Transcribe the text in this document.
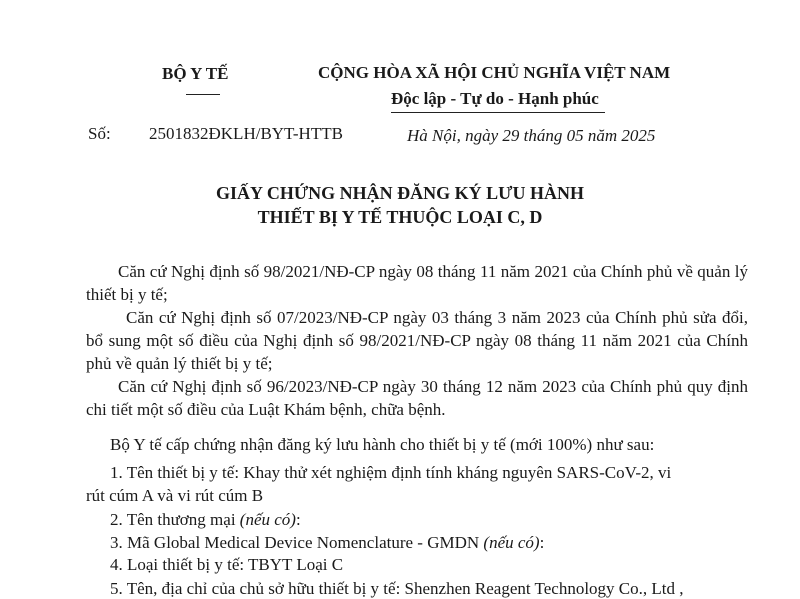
BỘ Y TẾ	CỘNG HÒA XÃ HỘI CHỦ NGHĨA VIỆT NAM
Độc lập - Tự do - Hạnh phúc
Số: 2501832ĐKLH/BYT-HTTB	Hà Nội, ngày 29 tháng 05 năm 2025
GIẤY CHỨNG NHẬN ĐĂNG KÝ LƯU HÀNH
THIẾT BỊ Y TẾ THUỘC LOẠI C, D

Căn cứ Nghị định số 98/2021/NĐ-CP ngày 08 tháng 11 năm 2021 của Chính phủ về quản lý thiết bị y tế;

Căn cứ Nghị định số 07/2023/NĐ-CP ngày 03 tháng 3 năm 2023 của Chính phủ sửa đổi, bổ sung một số điều của Nghị định số 98/2021/NĐ-CP ngày 08 tháng 11 năm 2021 của Chính phủ về quản lý thiết bị y tế;

Căn cứ Nghị định số 96/2023/NĐ-CP ngày 30 tháng 12 năm 2023 của Chính phủ quy định chi tiết một số điều của Luật Khám bệnh, chữa bệnh.

Bộ Y tế cấp chứng nhận đăng ký lưu hành cho thiết bị y tế (mới 100%) như sau:
1. Tên thiết bị y tế: Khay thử xét nghiệm định tính kháng nguyên SARS-CoV-2, vi
rút cúm A và vi rút cúm B
2. Tên thương mại (nếu có):
3. Mã Global Medical Device Nomenclature - GMDN (nếu có):
4. Loại thiết bị y tế: TBYT Loại C
5. Tên, địa chỉ của chủ sở hữu thiết bị y tế: Shenzhen Reagent Technology Co., Ltd ,
